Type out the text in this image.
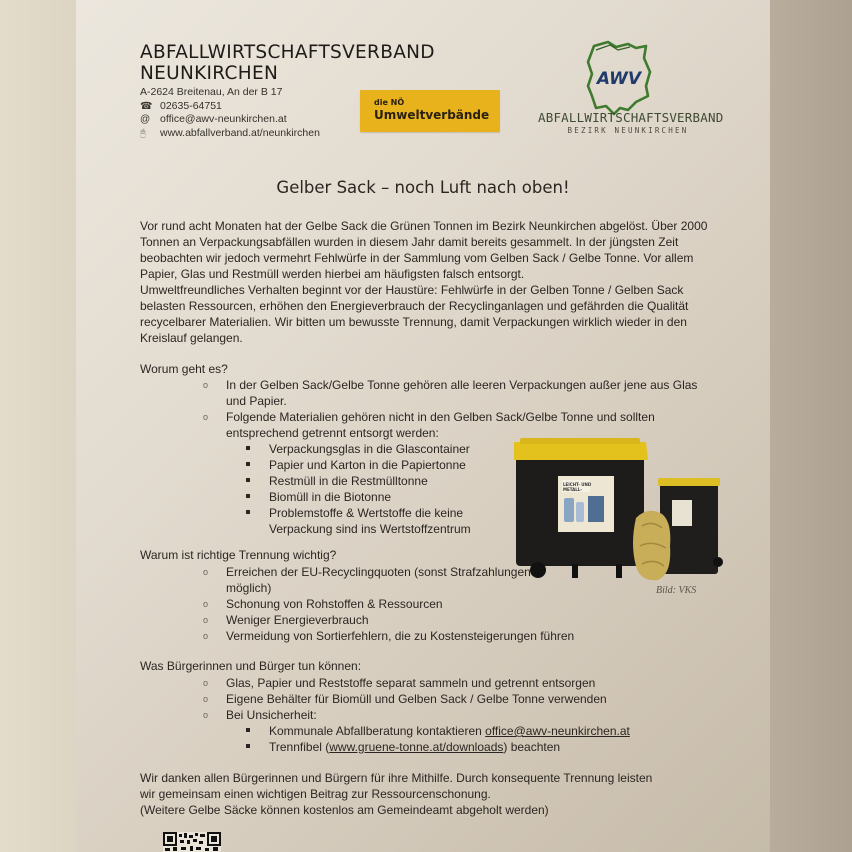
ABFALLWIRTSCHAFTSVERBAND
NEUNKIRCHEN
A-2624 Breitenau, An der B 17
☎ 02635-64751
@ office@awv-neunkirchen.at
🖰	www.abfallverband.at/neunkirchen
die NÖ
Umweltverbände
AWV
ABFALLWIRTSCHAFTSVERBAND
BEZIRK NEUNKIRCHEN
Gelber Sack – noch Luft nach oben!

Vor rund acht Monaten hat der Gelbe Sack die Grünen Tonnen im Bezirk Neunkirchen abgelöst. Über 2000 Tonnen an Verpackungsabfällen wurden in diesem Jahr damit bereits gesammelt. In der jüngsten Zeit beobachten wir jedoch vermehrt Fehlwürfe in der Sammlung vom Gelben Sack / Gelbe Tonne. Vor allem Papier, Glas und Restmüll werden hierbei am häufigsten falsch entsorgt.

Umweltfreundliches Verhalten beginnt vor der Haustüre: Fehlwürfe in der Gelben Tonne / Gelben Sack belasten Ressourcen, erhöhen den Energieverbrauch der Recyclinganlagen und gefährden die Qualität recycelbarer Materialien. Wir bitten um bewusste Trennung, damit Verpackungen wirklich wieder in den Kreislauf gelangen.

Worum geht es?
o In der Gelben Sack/Gelbe Tonne gehören alle leeren Verpackungen außer jene aus Glas und Papier.
o Folgende Materialien gehören nicht in den Gelben Sack/Gelbe Tonne und sollten entsprechend getrennt entsorgt werden:
Verpackungsglas in die Glascontainer
Papier und Karton in die Papiertonne
Restmüll in die Restmülltonne
Biomüll in die Biotonne
Problemstoffe & Wertstoffe die keine Verpackung sind ins Wertstoffzentrum
LEICHT- UND
METALL-
Bild: VKS
Warum ist richtige Trennung wichtig?
o Erreichen der EU-Recyclingquoten (sonst Strafzahlungen möglich)
o Schonung von Rohstoffen & Ressourcen
o Weniger Energieverbrauch
o Vermeidung von Sortierfehlern, die zu Kostensteigerungen führen
Was Bürgerinnen und Bürger tun können:
o Glas, Papier und Reststoffe separat sammeln und getrennt entsorgen
o Eigene Behälter für Biomüll und Gelben Sack / Gelbe Tonne verwenden
o Bei Unsicherheit:
Kommunale Abfallberatung kontaktieren office@awv-neunkirchen.at
Trennfibel (www.gruene-tonne.at/downloads) beachten

Wir danken allen Bürgerinnen und Bürgern für ihre Mithilfe. Durch konsequente Trennung leisten wir gemeinsam einen wichtigen Beitrag zur Ressourcenschonung.

(Weitere Gelbe Säcke können kostenlos am Gemeindeamt abgeholt werden)
